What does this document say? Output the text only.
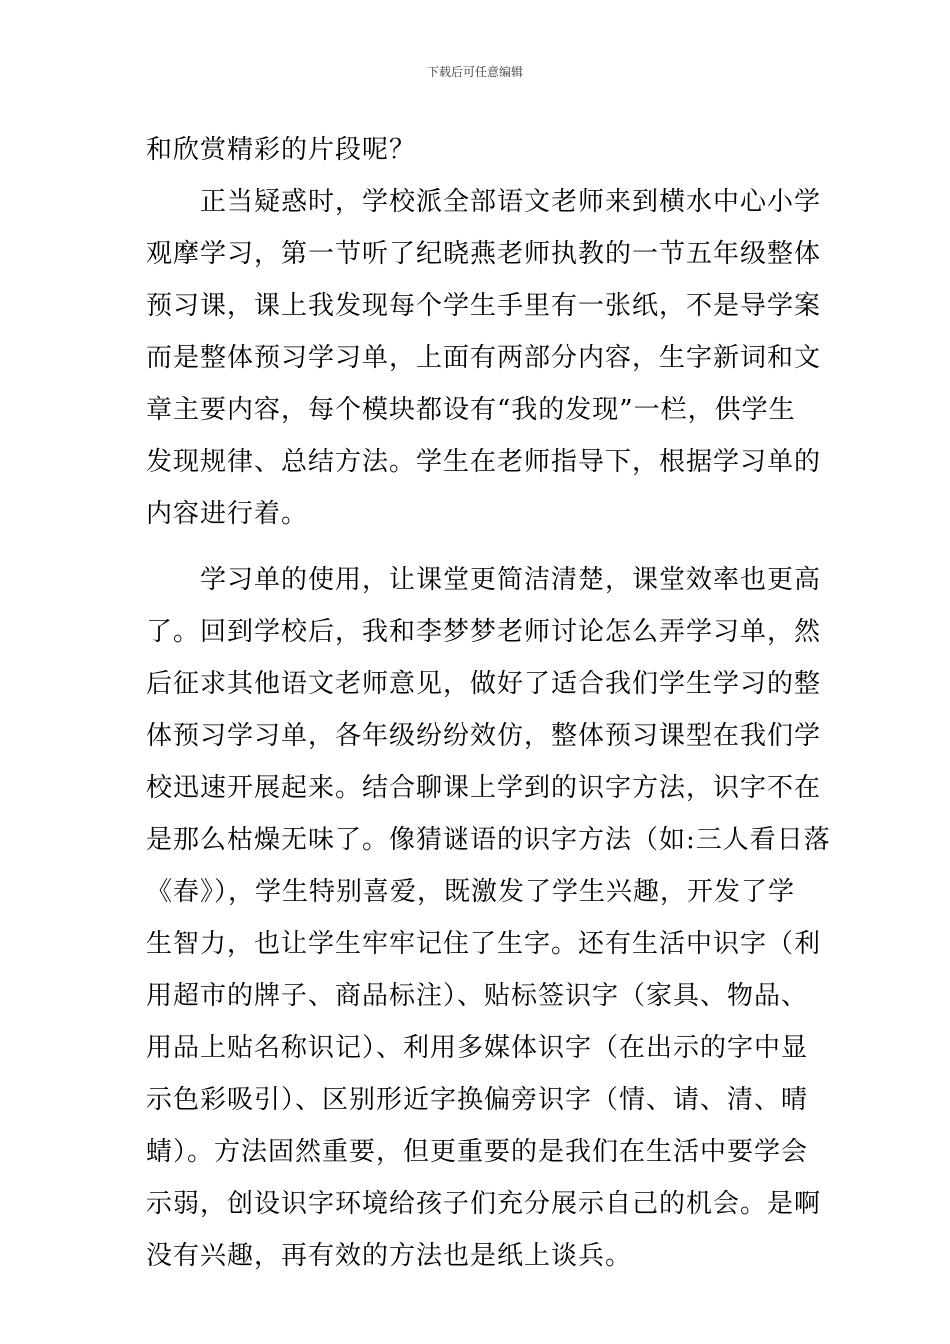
下载后可任意编辑
和欣赏精彩的片段呢？
　　正当疑惑时，学校派全部语文老师来到横水中心小学
观摩学习，第一节听了纪晓燕老师执教的一节五年级整体
预习课，课上我发现每个学生手里有一张纸，不是导学案
而是整体预习学习单，上面有两部分内容，生字新词和文
章主要内容，每个模块都设有“我的发现”一栏，供学生
发现规律、总结方法。学生在老师指导下，根据学习单的
内容进行着。
　　学习单的使用，让课堂更简洁清楚，课堂效率也更高
了。回到学校后，我和李梦梦老师讨论怎么弄学习单，然
后征求其他语文老师意见，做好了适合我们学生学习的整
体预习学习单，各年级纷纷效仿，整体预习课型在我们学
校迅速开展起来。结合聊课上学到的识字方法，识字不在
是那么枯燥无味了。像猜谜语的识字方法（如:三人看日落
《春》），学生特别喜爱，既激发了学生兴趣，开发了学
生智力，也让学生牢牢记住了生字。还有生活中识字（利
用超市的牌子、商品标注）、贴标签识字（家具、物品、
用品上贴名称识记）、利用多媒体识字（在出示的字中显
示色彩吸引）、区别形近字换偏旁识字（情、请、清、晴
蜻）。方法固然重要，但更重要的是我们在生活中要学会
示弱，创设识字环境给孩子们充分展示自己的机会。是啊
没有兴趣，再有效的方法也是纸上谈兵。
